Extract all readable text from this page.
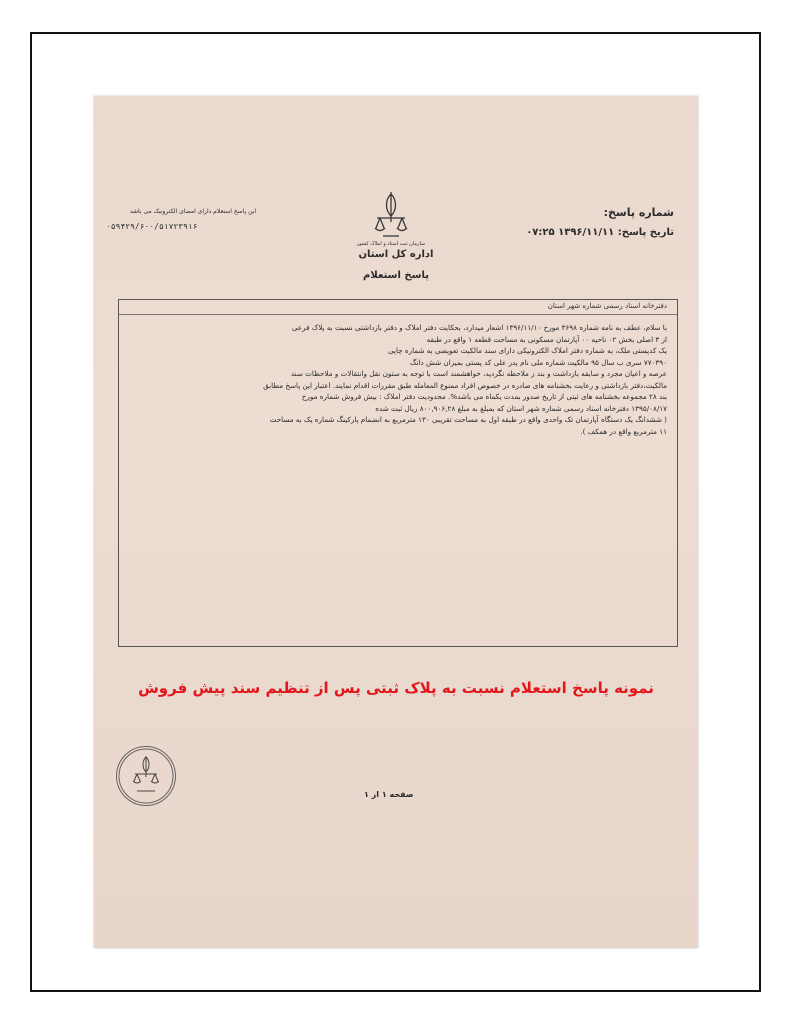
شماره پاسخ:
تاریخ پاسخ: ۱۳۹۶/۱۱/۱۱ ۰۷:۲۵
این پاسخ استعلام دارای امضای الکترونیک می باشد
۰۵۹۴۲۹/۶۰۰/۵۱۷۲۳۹۱۶
سازمان ثبت اسناد و املاک کشور
اداره کل استان
پاسخ استعلام
دفترخانه اسناد رسمی شماره شهر استان
با سلام، عطف به نامه شماره ۳۶۹۸ مورخ ۱۳۹۶/۱۱/۱۰ اشعار میدارد، بحکایت دفتر املاک و دفتر بازداشتی نسبت به پلاک فرعی
از ۳ اصلی بخش ۰۲ ناحیه ۰۰ آپارتمان مسکونی به مساحت قطعه ۱ واقع در طبقه
یک کدپستی ملک، به شماره دفتر املاک الکترونیکی دارای سند مالکیت تعویضی به شماره چاپی
۷۷۰۳۹۰ سری ب سال ۹۵ مالکیت شماره ملی نام پدر علی کد پستی بمیزان شش دانگ
عرصه و اعیان مجرد و سابقه بازداشت و بند ز ملاحظه نگردید، خواهشمند است با توجه به ستون نقل وانتقالات و ملاحظات سند
مالکیت،دفتر بازداشتی و رعایت بخشنامه های صادره در خصوص افراد ممنوع المعامله طبق مقررات اقدام نمایند. اعتبار این پاسخ مطابق
بند ۲۸ مجموعه بخشنامه های ثبتی از تاریخ صدور بمدت یکماه می باشد%. محدودیت دفتر املاک : بیش فروش شماره مورخ
۱۳۹۵/۰۸/۱۷ دفترخانه اسناد رسمی شماره شهر استان که بمبلغ به مبلغ ۸۰۰,۹۰۶,۲۸ ریال ثبت شده
( ششدانگ یک دستگاه آپارتمان تک واحدی واقع در طبقه اول به مساحت تقریبی ۱۳۰ مترمربع به انضمام پارکینگ شماره یک به مساحت
۱۱ مترمربع واقع در همکف ).
نمونه پاسخ استعلام نسبت به پلاک ثبتی پس از تنظیم سند پیش فروش
صفحه ۱ از ۱
